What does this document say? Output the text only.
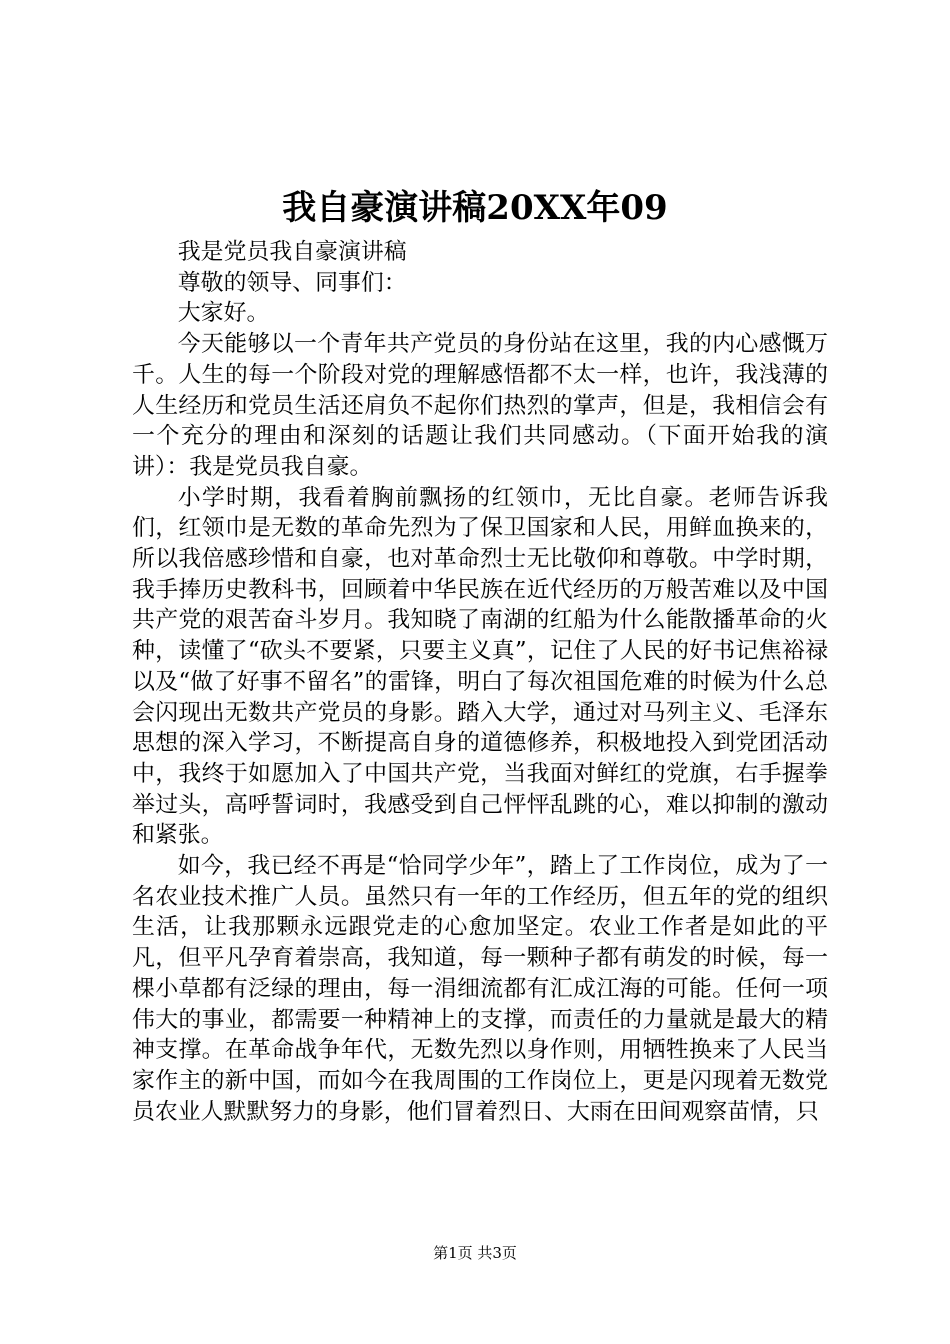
我自豪演讲稿20XX年09

我是党员我自豪演讲稿

尊敬的领导、同事们：

大家好。

今天能够以一个青年共产党员的身份站在这里，我的内心感慨万千。人生的每一个阶段对党的理解感悟都不太一样，也许，我浅薄的人生经历和党员生活还肩负不起你们热烈的掌声，但是，我相信会有一个充分的理由和深刻的话题让我们共同感动。（下面开始我的演讲）：我是党员我自豪。

小学时期，我看着胸前飘扬的红领巾，无比自豪。老师告诉我们，红领巾是无数的革命先烈为了保卫国家和人民，用鲜血换来的，所以我倍感珍惜和自豪，也对革命烈士无比敬仰和尊敬。中学时期，我手捧历史教科书，回顾着中华民族在近代经历的万般苦难以及中国共产党的艰苦奋斗岁月。我知晓了南湖的红船为什么能散播革命的火种，读懂了“砍头不要紧，只要主义真”，记住了人民的好书记焦裕禄以及“做了好事不留名”的雷锋，明白了每次祖国危难的时候为什么总会闪现出无数共产党员的身影。踏入大学，通过对马列主义、毛泽东思想的深入学习，不断提高自身的道德修养，积极地投入到党团活动中，我终于如愿加入了中国共产党，当我面对鲜红的党旗，右手握拳举过头，高呼誓词时，我感受到自己怦怦乱跳的心，难以抑制的激动和紧张。

如今，我已经不再是“恰同学少年”，踏上了工作岗位，成为了一名农业技术推广人员。虽然只有一年的工作经历，但五年的党的组织生活，让我那颗永远跟党走的心愈加坚定。农业工作者是如此的平凡，但平凡孕育着崇高，我知道，每一颗种子都有萌发的时候，每一棵小草都有泛绿的理由，每一涓细流都有汇成江海的可能。任何一项伟大的事业，都需要一种精神上的支撑，而责任的力量就是最大的精神支撑。在革命战争年代，无数先烈以身作则，用牺牲换来了人民当家作主的新中国，而如今在我周围的工作岗位上，更是闪现着无数党员农业人默默努力的身影，他们冒着烈日、大雨在田间观察苗情，只

第1页 共3页
